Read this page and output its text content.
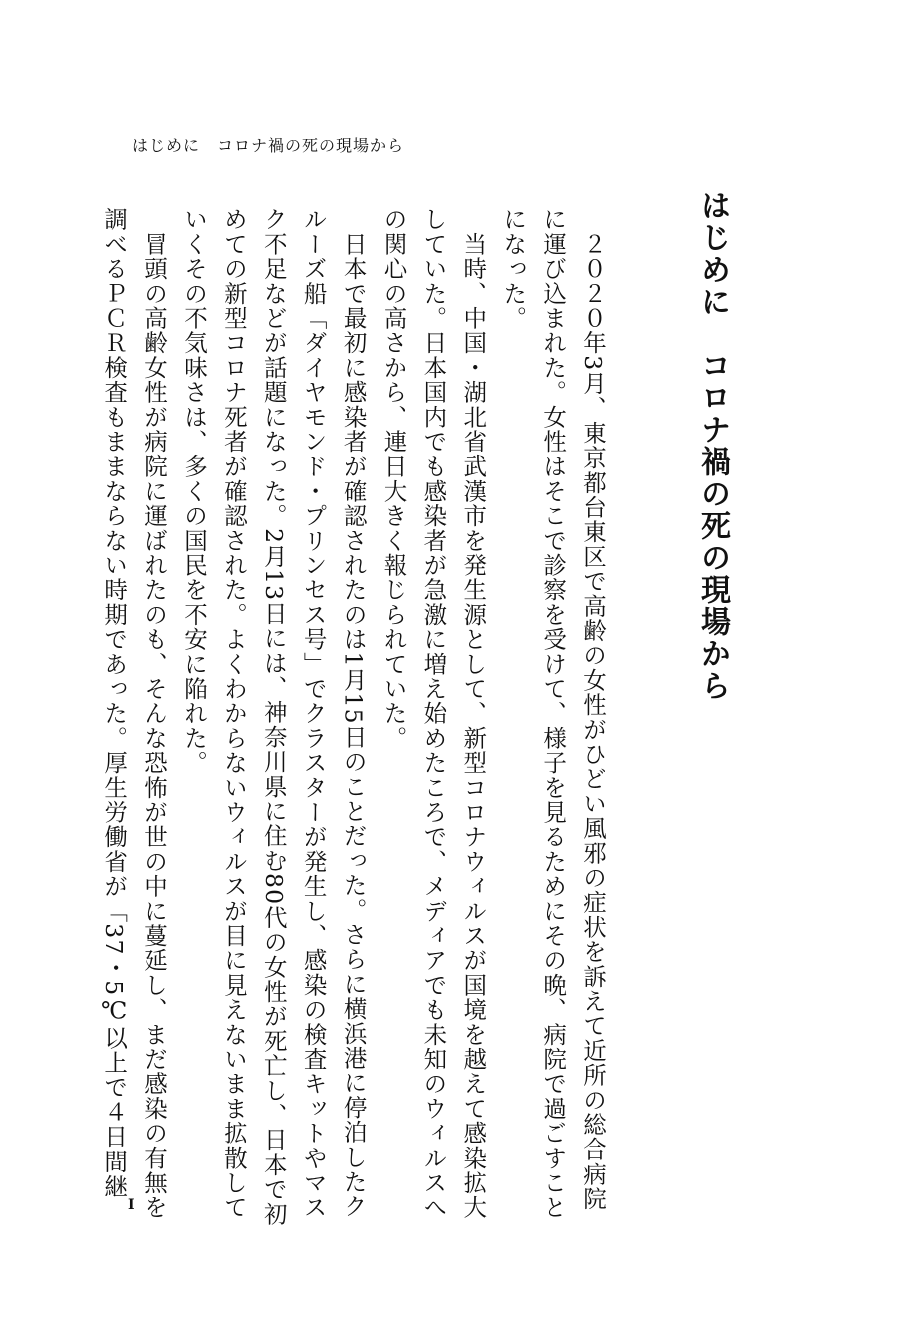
はじめに　コロナ禍の死の現場から
はじめに　コロナ禍の死の現場から
　２０２０年3月、東京都台東区で高齢の女性がひどい風邪の症状を訴えて近所の総合病院
に運び込まれた。女性はそこで診察を受けて、様子を見るためにその晩、病院で過ごすこと
になった。
　当時、中国・湖北省武漢市を発生源として、新型コロナウィルスが国境を越えて感染拡大
していた。日本国内でも感染者が急激に増え始めたころで、メディアでも未知のウィルスへ
の関心の高さから、連日大きく報じられていた。
　日本で最初に感染者が確認されたのは1月15日のことだった。さらに横浜港に停泊したク
ルーズ船「ダイヤモンド・プリンセス号」でクラスターが発生し、感染の検査キットやマス
ク不足などが話題になった。2月13日には、神奈川県に住む80代の女性が死亡し、日本で初
めての新型コロナ死者が確認された。よくわからないウィルスが目に見えないまま拡散して
いくその不気味さは、多くの国民を不安に陥れた。
　冒頭の高齢女性が病院に運ばれたのも、そんな恐怖が世の中に蔓延し、まだ感染の有無を
調べるＰＣＲ検査もままならない時期であった。厚生労働省が「37・5℃以上で４日間継
I
